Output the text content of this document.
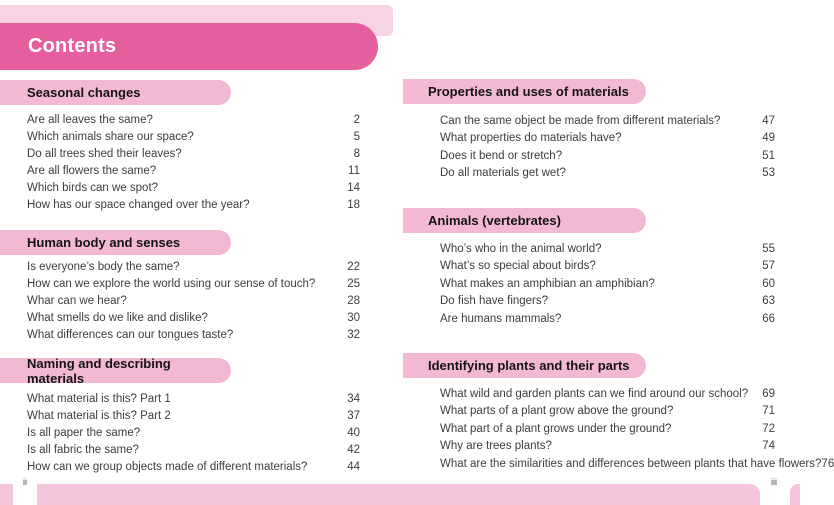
Contents
Seasonal changes
Are all leaves the same?	2
Which animals share our space?	5
Do all trees shed their leaves?	8
Are all flowers the same?	11
Which birds can we spot?	14
How has our space changed over the year?	18
Human body and senses
Is everyone’s body the same?	22
How can we explore the world using our sense of touch?	25
Whar can we hear?	28
What smells do we like and dislike?	30
What differences can our tongues taste?	32
Naming and describing materials
What material is this? Part 1	34
What material is this? Part 2	37
Is all paper the same?	40
Is all fabric the same?	42
How can we group objects made of different materials?	44
Properties and uses of materials
Can the same object be made from different materials?	47
What properties do materials have?	49
Does it bend or stretch?	51
Do all materials get wet?	53
Animals (vertebrates)
Who’s who in the animal world?	55
What’s so special about birds?	57
What makes an amphibian an amphibian?	60
Do fish have fingers?	63
Are humans mammals?	66
Identifying plants and their parts
What wild and garden plants can we find around our school? 69
What parts of a plant grow above the ground?	71
What part of a plant grows under the ground?	72
Why are trees plants?	74
What are the similarities and differences between plants that have flowers? 76
ii	iii
